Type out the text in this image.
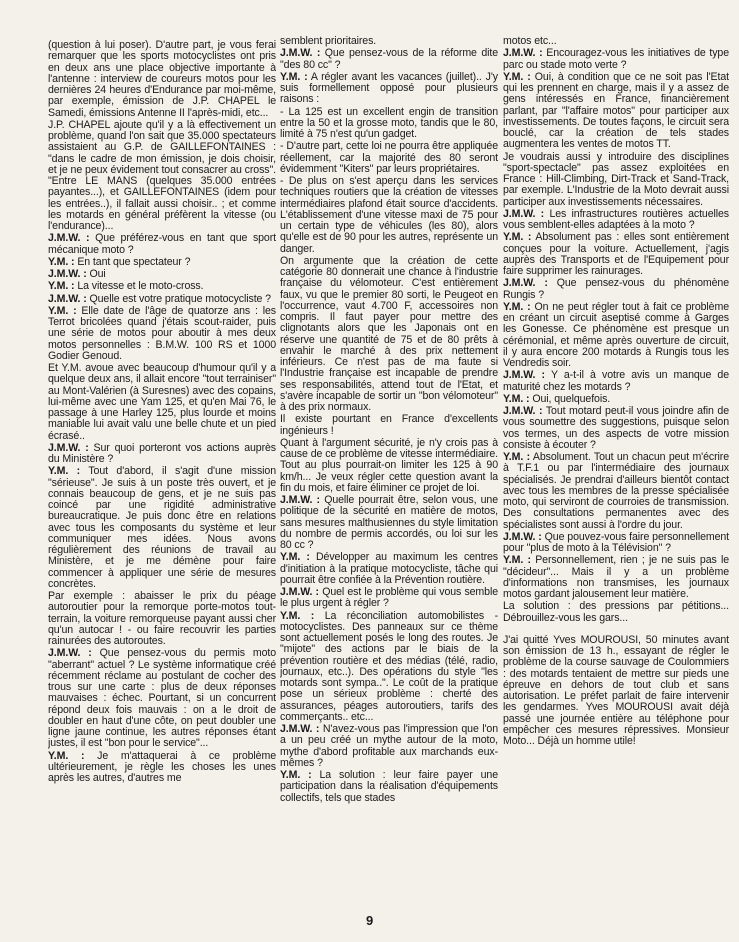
(question à lui poser). D'autre part, je vous ferai remarquer que les sports motocyclistes ont pris en deux ans une place objective importante à l'antenne : interview de coureurs motos pour les dernières 24 heures d'Endurance par moi-même, par exemple, émission de J.P. CHAPEL le Samedi, émissions Antenne II l'après-midi, etc...

J.P. CHAPEL ajoute qu'il y a là effectivement un problème, quand l'on sait que 35.000 spectateurs assistaient au G.P. de GAILLEFONTAINES : "dans le cadre de mon émission, je dois choisir, et je ne peux évidement tout consacrer au cross". "Entre LE MANS (quelques 35.000 entrées payantes...), et GAILLEFONTAINES (idem pour les entrées..), il fallait aussi choisir.. ; et comme les motards en général préfèrent la vitesse (ou l'endurance)...

J.M.W. : Que préférez-vous en tant que sport mécanique moto ?

Y.M. : En tant que spectateur ?

J.M.W. : Oui

Y.M. : La vitesse et le moto-cross.

J.M.W. : Quelle est votre pratique motocycliste ?

Y.M. : Elle date de l'âge de quatorze ans : les Terrot bricolées quand j'étais scout-raider, puis une série de motos pour aboutir à mes deux motos personnelles : B.M.W. 100 RS et 1000 Godier Genoud.

Et Y.M. avoue avec beaucoup d'humour qu'il y a quelque deux ans, il allait encore "tout terrainiser" au Mont-Valérien (à Suresnes) avec des copains, lui-même avec une Yam 125, et qu'en Mai 76, le passage à une Harley 125, plus lourde et moins maniable lui avait valu une belle chute et un pied écrasé..

J.M.W. : Sur quoi porteront vos actions auprès du Ministère ?

Y.M. : Tout d'abord, il s'agit d'une mission "sérieuse". Je suis à un poste très ouvert, et je connais beaucoup de gens, et je ne suis pas coincé par une rigidité administrative bureaucratique. Je puis donc être en relations avec tous les composants du système et leur communiquer mes idées. Nous avons régulièrement des réunions de travail au Ministère, et je me démène pour faire commencer à appliquer une série de mesures concrètes.

Par exemple : abaisser le prix du péage autoroutier pour la remorque porte-motos tout-terrain, la voiture remorqueuse payant aussi cher qu'un autocar ! - ou faire recouvrir les parties rainurées des autoroutes.

J.M.W. : Que pensez-vous du permis moto "aberrant" actuel ? Le système informatique créé récemment réclame au postulant de cocher des trous sur une carte : plus de deux réponses mauvaises : échec. Pourtant, si un concurrent répond deux fois mauvais : on a le droit de doubler en haut d'une côte, on peut doubler une ligne jaune continue, les autres réponses étant justes, il est "bon pour le service"...

Y.M. : Je m'attaquerai à ce problème ultérieurement, je règle les choses les unes après les autres, d'autres me

semblent prioritaires.

J.M.W. : Que pensez-vous de la réforme dite "des 80 cc" ?

Y.M. : A régler avant les vacances (juillet).. J'y suis formellement opposé pour plusieurs raisons :

- La 125 est un excellent engin de transition entre la 50 et la grosse moto, tandis que le 80, limité à 75 n'est qu'un gadget.

- D'autre part, cette loi ne pourra être appliquée réellement, car la majorité des 80 seront évidemment "Kiters" par leurs propriétaires.

- De plus on s'est aperçu dans les services techniques routiers que la création de vitesses intermédiaires plafond était source d'accidents. L'établissement d'une vitesse maxi de 75 pour un certain type de véhicules (les 80), alors qu'elle est de 90 pour les autres, représente un danger.

On argumente que la création de cette catégorie 80 donnerait une chance à l'industrie française du vélomoteur. C'est entièrement faux, vu que le premier 80 sorti, le Peugeot en l'occurrence, vaut 4.700 F, accessoires non compris. Il faut payer pour mettre des clignotants alors que les Japonais ont en réserve une quantité de 75 et de 80 prêts à envahir le marché à des prix nettement inférieurs. Ce n'est pas de ma faute si l'Industrie française est incapable de prendre ses responsabilités, attend tout de l'Etat, et s'avère incapable de sortir un "bon vélomoteur" à des prix normaux.

Il existe pourtant en France d'excellents ingénieurs !

Quant à l'argument sécurité, je n'y crois pas à cause de ce problème de vitesse intermédiaire. Tout au plus pourrait-on limiter les 125 à 90 km/h... Je veux régler cette question avant la fin du mois, et faire éliminer ce projet de loi.

J.M.W. : Quelle pourrait être, selon vous, une politique de la sécurité en matière de motos, sans mesures malthusiennes du style limitation du nombre de permis accordés, ou loi sur les 80 cc ?

Y.M. : Développer au maximum les centres d'initiation à la pratique motocycliste, tâche qui pourrait être confiée à la Prévention routière.

J.M.W. : Quel est le problème qui vous semble le plus urgent à régler ?

Y.M. : La réconciliation automobilistes - motocyclistes. Des panneaux sur ce thème sont actuellement posés le long des routes. Je "mijote" des actions par le biais de la prévention routière et des médias (télé, radio, journaux, etc..). Des opérations du style "les motards sont sympa..". Le coût de la pratique pose un sérieux problème : cherté des assurances, péages autoroutiers, tarifs des commerçants.. etc...

J.M.W. : N'avez-vous pas l'impression que l'on a un peu créé un mythe autour de la moto, mythe d'abord profitable aux marchands eux-mêmes ?

Y.M. : La solution : leur faire payer une participation dans la réalisation d'équipements collectifs, tels que stades

motos etc...

J.M.W. : Encouragez-vous les initiatives de type parc ou stade moto verte ?

Y.M. : Oui, à condition que ce ne soit pas l'Etat qui les prennent en charge, mais il y a assez de gens intéressés en France, financièrement parlant, par "l'affaire motos" pour participer aux investissements. De toutes façons, le circuit sera bouclé, car la création de tels stades augmentera les ventes de motos TT.

Je voudrais aussi y introduire des disciplines "sport-spectacle" pas assez exploitées en France : Hill-Climbing, Dirt-Track et Sand-Track, par exemple. L'Industrie de la Moto devrait aussi participer aux investissements nécessaires.

J.M.W. : Les infrastructures routières actuelles vous semblent-elles adaptées à la moto ?

Y.M. : Absolument pas : elles sont entièrement conçues pour la voiture. Actuellement, j'agis auprès des Transports et de l'Equipement pour faire supprimer les rainurages.

J.M.W. : Que pensez-vous du phénomène Rungis ?

Y.M. : On ne peut régler tout à fait ce problème en créant un circuit aseptisé comme à Garges les Gonesse. Ce phénomène est presque un cérémonial, et même après ouverture de circuit, il y aura encore 200 motards à Rungis tous les Vendredis soir.

J.M.W. : Y a-t-il à votre avis un manque de maturité chez les motards ?

Y.M. : Oui, quelquefois.

J.M.W. : Tout motard peut-il vous joindre afin de vous soumettre des suggestions, puisque selon vos termes, un des aspects de votre mission consiste à écouter ?

Y.M. : Absolument. Tout un chacun peut m'écrire à T.F.1 ou par l'intermédiaire des journaux spécialisés. Je prendrai d'ailleurs bientôt contact avec tous les membres de la presse spécialisée moto, qui serviront de courroies de transmission. Des consultations permanentes avec des spécialistes sont aussi à l'ordre du jour.

J.M.W. : Que pouvez-vous faire personnellement pour "plus de moto à la Télévision" ?

Y.M. : Personnellement, rien ; je ne suis pas le "décideur"... Mais il y a un problème d'informations non transmises, les journaux motos gardant jalousement leur matière.

La solution : des pressions par pétitions... Débrouillez-vous les gars...

J'ai quitté Yves MOUROUSI, 50 minutes avant son émission de 13 h., essayant de régler le problème de la course sauvage de Coulommiers : des motards tentaient de mettre sur pieds une épreuve en dehors de tout club et sans autorisation. Le préfet parlait de faire intervenir les gendarmes. Yves MOUROUSI avait déjà passé une journée entière au téléphone pour empêcher ces mesures répressives. Monsieur Moto... Déjà un homme utile!

9
